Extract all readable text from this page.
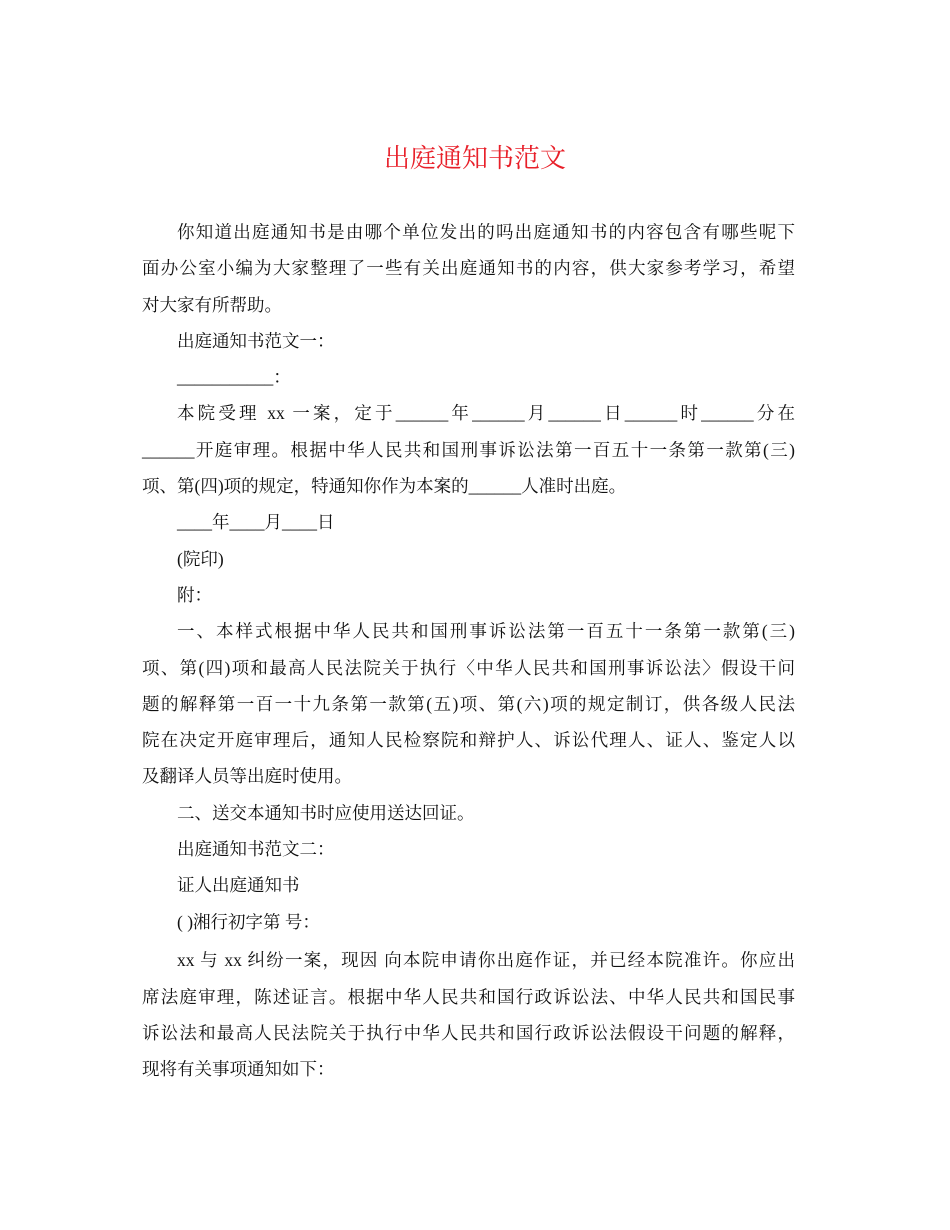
出庭通知书范文
你知道出庭通知书是由哪个单位发出的吗出庭通知书的内容包含有哪些呢下
面办公室小编为大家整理了一些有关出庭通知书的内容，供大家参考学习，希望
对大家有所帮助。
出庭通知书范文一：
___________：
本院受理 xx 一案，定于______年______月______日______时______分在
______开庭审理。根据中华人民共和国刑事诉讼法第一百五十一条第一款第(三)
项、第(四)项的规定，特通知你作为本案的______人准时出庭。
____年____月____日
(院印)
附：
一、本样式根据中华人民共和国刑事诉讼法第一百五十一条第一款第(三)
项、第(四)项和最高人民法院关于执行〈中华人民共和国刑事诉讼法〉假设干问
题的解释第一百一十九条第一款第(五)项、第(六)项的规定制订，供各级人民法
院在决定开庭审理后，通知人民检察院和辩护人、诉讼代理人、证人、鉴定人以
及翻译人员等出庭时使用。
二、送交本通知书时应使用送达回证。
出庭通知书范文二：
证人出庭通知书
( )湘行初字第 号：
xx 与 xx 纠纷一案，现因 向本院申请你出庭作证，并已经本院准许。你应出
席法庭审理，陈述证言。根据中华人民共和国行政诉讼法、中华人民共和国民事
诉讼法和最高人民法院关于执行中华人民共和国行政诉讼法假设干问题的解释，
现将有关事项通知如下：
